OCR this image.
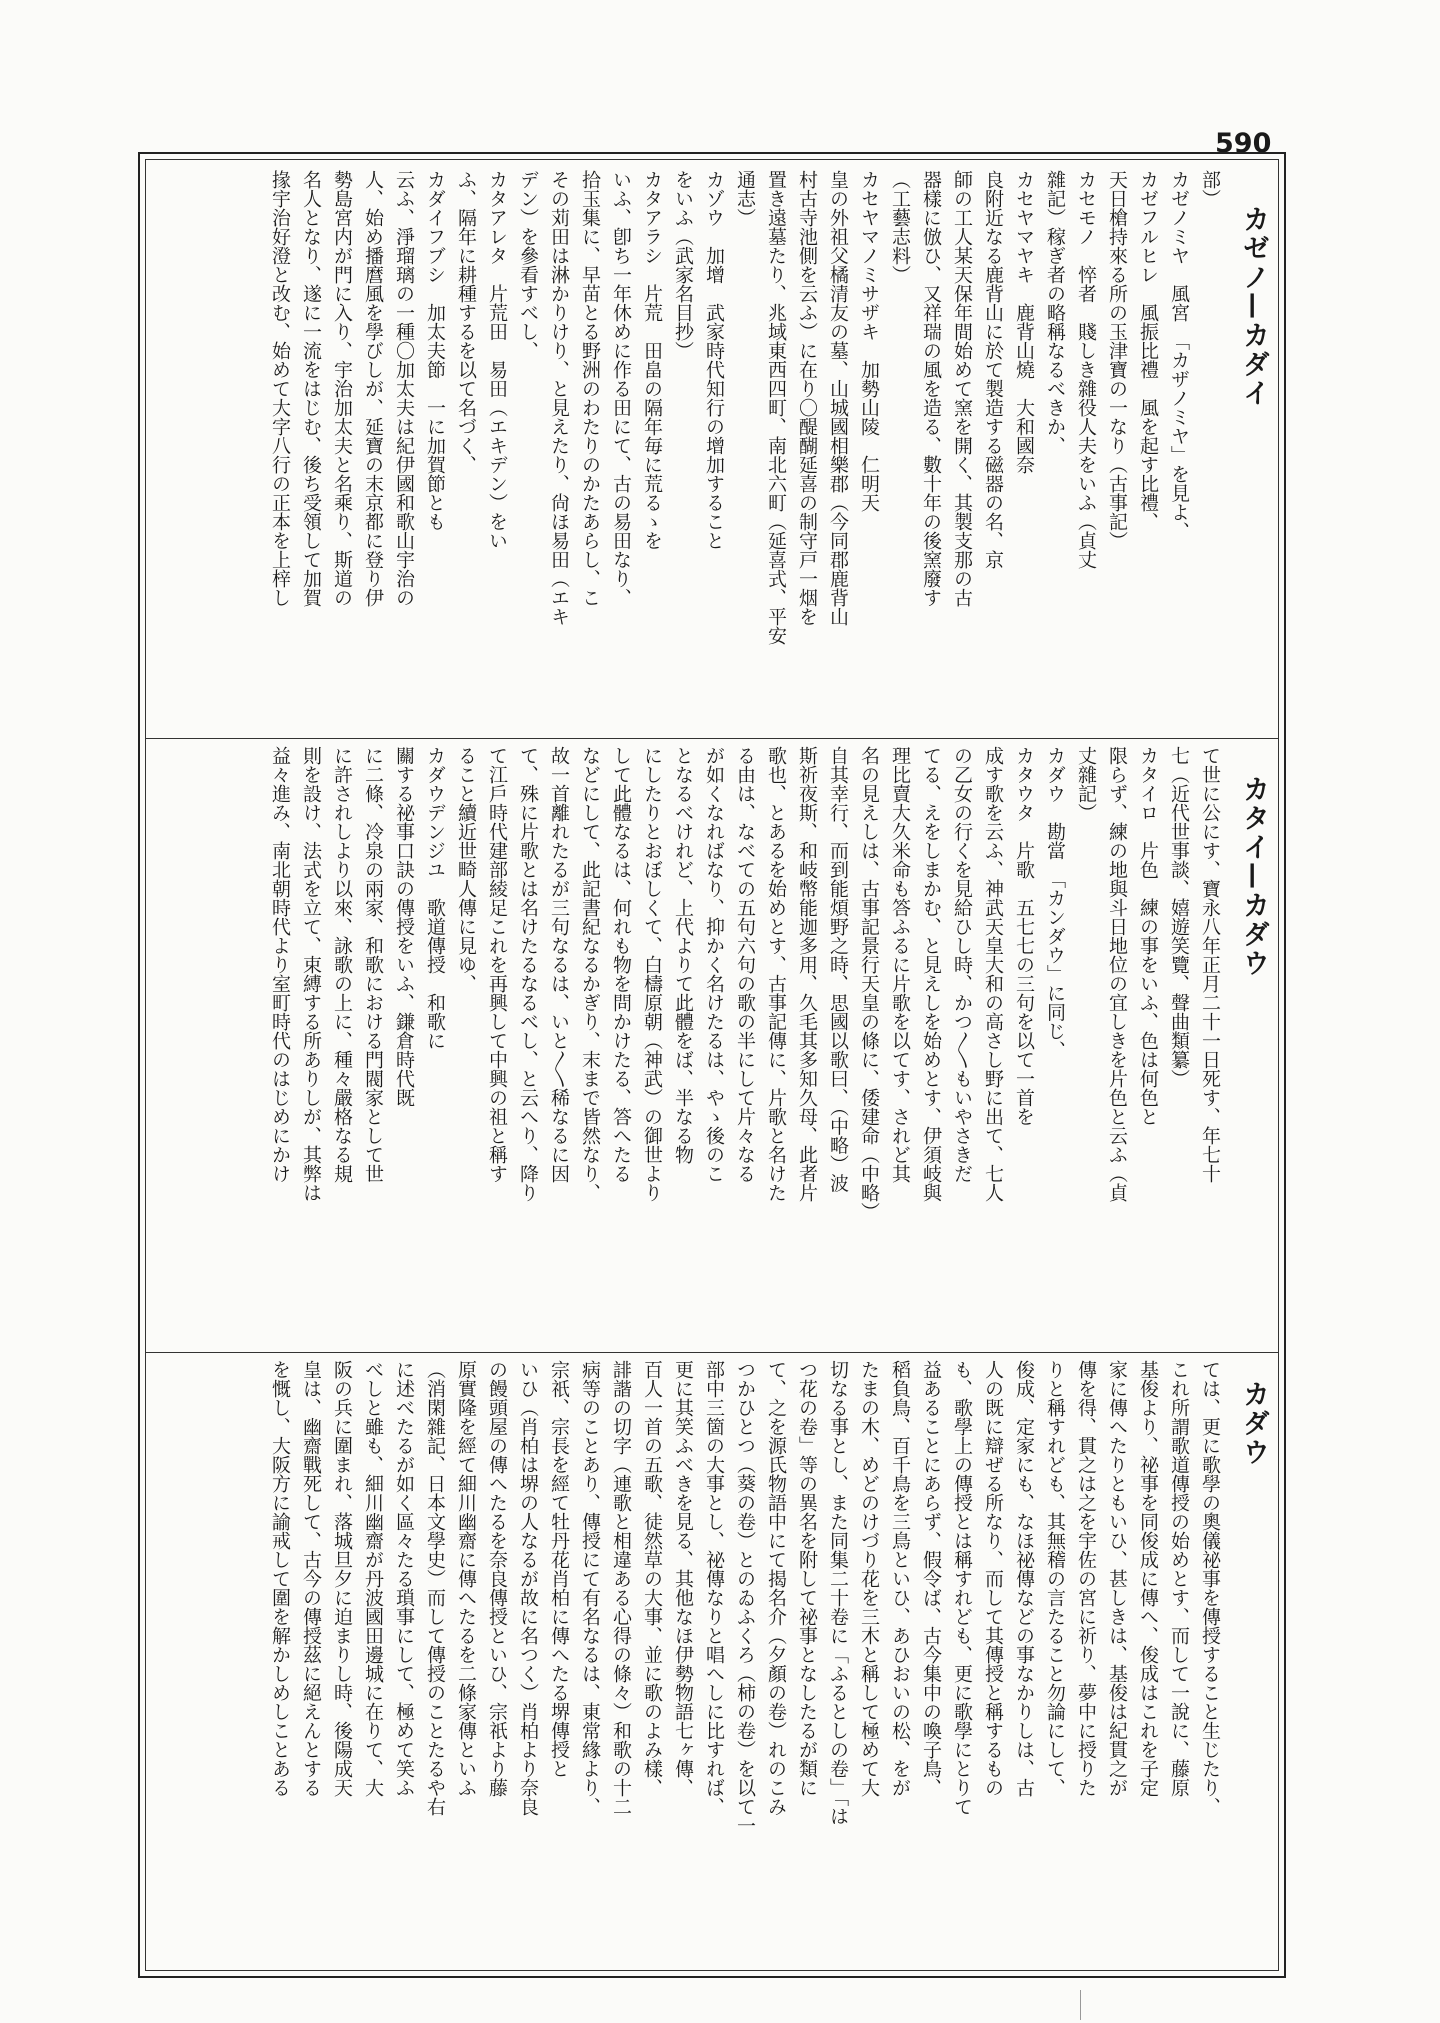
590
カゼノ—カダイ
カタイ—カダウ
カダウ
部）
カゼノミヤ　風宮　「カザノミヤ」を見よ、
カゼフルヒレ　風振比禮　風を起す比禮、
天日槍持來る所の玉津寶の一なり（古事記）
カセモノ　悴者　賤しき雜役人夫をいふ（貞丈
雜記）稼ぎ者の略稱なるべきか、
カセヤマヤキ　鹿背山燒　大和國奈
良附近なる鹿背山に於て製造する磁器の名、京
師の工人某天保年間始めて窯を開く、其製支那の古
器樣に倣ひ、又祥瑞の風を造る、數十年の後窯廢す
（工藝志料）
カセヤマノミサザキ　加勢山陵　仁明天
皇の外祖父橘清友の墓、山城國相樂郡（今同郡鹿背山
村古寺池側を云ふ）に在り〇醍醐延喜の制守戸一烟を
置き遠墓たり、兆域東西四町、南北六町（延喜式、平安
通志）
カゾウ　加增　武家時代知行の增加すること
をいふ（武家名目抄）
カタアラシ　片荒　田畠の隔年毎に荒るゝを
いふ、卽ち一年休めに作る田にて、古の易田なり、
拾玉集に、早苗とる野洲のわたりのかたあらし、こ
その苅田は淋かりけり、と見えたり、尙ほ易田（エキ
デン）を參看すべし、
カタアレタ　片荒田　易田（エキデン）をい
ふ、隔年に耕種するを以て名づく、
カダイフブシ　加太夫節　一に加賀節とも
云ふ、淨瑠璃の一種〇加太夫は紀伊國和歌山宇治の
人、始め播麿風を學びしが、延寶の末京都に登り伊
勢島宮内が門に入り、宇治加太夫と名乘り、斯道の
名人となり、遂に一流をはじむ、後ち受領して加賀
掾宇治好澄と改む、始めて大字八行の正本を上梓し
て世に公にす、寶永八年正月二十一日死す、年七十
七（近代世事談、嬉遊笑覽、聲曲類纂）
カタイロ　片色　練の事をいふ、色は何色と
限らず、練の地與斗日地位の宜しきを片色と云ふ（貞
丈雜記）
カダウ　勘當　「カンダウ」に同じ、
カタウタ　片歌　五七七の三句を以て一首を
成す歌を云ふ、神武天皇大和の高さし野に出て、七人
の乙女の行くを見給ひし時、かつ〳〵もいやさきだ
てる、えをしまかむ、と見えしを始めとす、伊須岐與
理比賣大久米命も答ふるに片歌を以てす、されど其
名の見えしは、古事記景行天皇の條に、倭建命（中略）
自其幸行、而到能煩野之時、思國以歌曰、（中略）波
斯祈夜斯、和岐幣能迦多用、久毛其多知久母、此者片
歌也、とあるを始めとす、古事記傳に、片歌と名けた
る由は、なべての五句六句の歌の半にして片々なる
が如くなればなり、抑かく名けたるは、やゝ後のこ
となるべけれど、上代よりて此體をば、半なる物
にしたりとおぼしくて、白檮原朝（神武）の御世より
して此體なるは、何れも物を問かけたる、答へたる
などにして、此記書紀なるかぎり、末まで皆然なり、
故一首離れたるが三句なるは、いと〳〵稀なるに因
て、殊に片歌とは名けたるなるべし、と云へり、降り
て江戶時代建部綾足これを再興して中興の祖と稱す
ること續近世畸人傳に見ゆ、
カダウデンジユ　歌道傳授　和歌に
關する祕事口訣の傳授をいふ、鎌倉時代既
に二條、冷泉の兩家、和歌における門閥家として世
に許されしより以來、詠歌の上に、種々嚴格なる規
則を設け、法式を立て、束縛する所ありしが、其弊は
益々進み、南北朝時代より室町時代のはじめにかけ
ては、更に歌學の奧儀祕事を傳授すること生じたり、
これ所謂歌道傳授の始めとす、而して一說に、藤原
基俊より、祕事を同俊成に傳へ、俊成はこれを子定
家に傳へたりともいひ、甚しきは、基俊は紀貫之が
傳を得、貫之は之を宇佐の宮に祈り、夢中に授りた
りと稱すれども、其無稽の言たること勿論にして、
俊成、定家にも、なほ祕傳などの事なかりしは、古
人の既に辯ぜる所なり、而して其傳授と稱するもの
も、歌學上の傳授とは稱すれども、更に歌學にとりて
益あることにあらず、假令ば、古今集中の喚子鳥、
稻負鳥、百千鳥を三鳥といひ、あひおいの松、をが
たまの木、めどのけづり花を三木と稱して極めて大
切なる事とし、また同集二十卷に「ふるとしの卷」「は
つ花の卷」等の異名を附して祕事となしたるが類に
て、之を源氏物語中にて揭名介（夕顏の卷）れのこみ
つかひとつ（葵の卷）とのゐふくろ（柿の卷）を以て一
部中三箇の大事とし、祕傳なりと唱へしに比すれば、
更に其笑ふべきを見る、其他なほ伊勢物語七ヶ傳、
百人一首の五歌、徒然草の大事、並に歌のよみ樣、
誹諧の切字（連歌と相違ある心得の條々）和歌の十二
病等のことあり、傳授にて有名なるは、東常緣より、
宗祇、宗長を經て牡丹花肖柏に傳へたる堺傳授と
いひ（肖柏は堺の人なるが故に名つく）肖柏より奈良
の饅頭屋の傳へたるを奈良傳授といひ、宗祇より藤
原實隆を經て細川幽齋に傳へたるを二條家傳といふ
（消閑雜記、日本文學史）而して傳授のことたるや右
に述べたるが如く區々たる瑣事にして、極めて笑ふ
べしと雖も、細川幽齋が丹波國田邊城に在りて、大
阪の兵に圍まれ、落城旦夕に迫まりし時、後陽成天
皇は、幽齋戰死して、古今の傳授茲に絕えんとする
を慨し、大阪方に諭戒して圍を解かしめしことある
